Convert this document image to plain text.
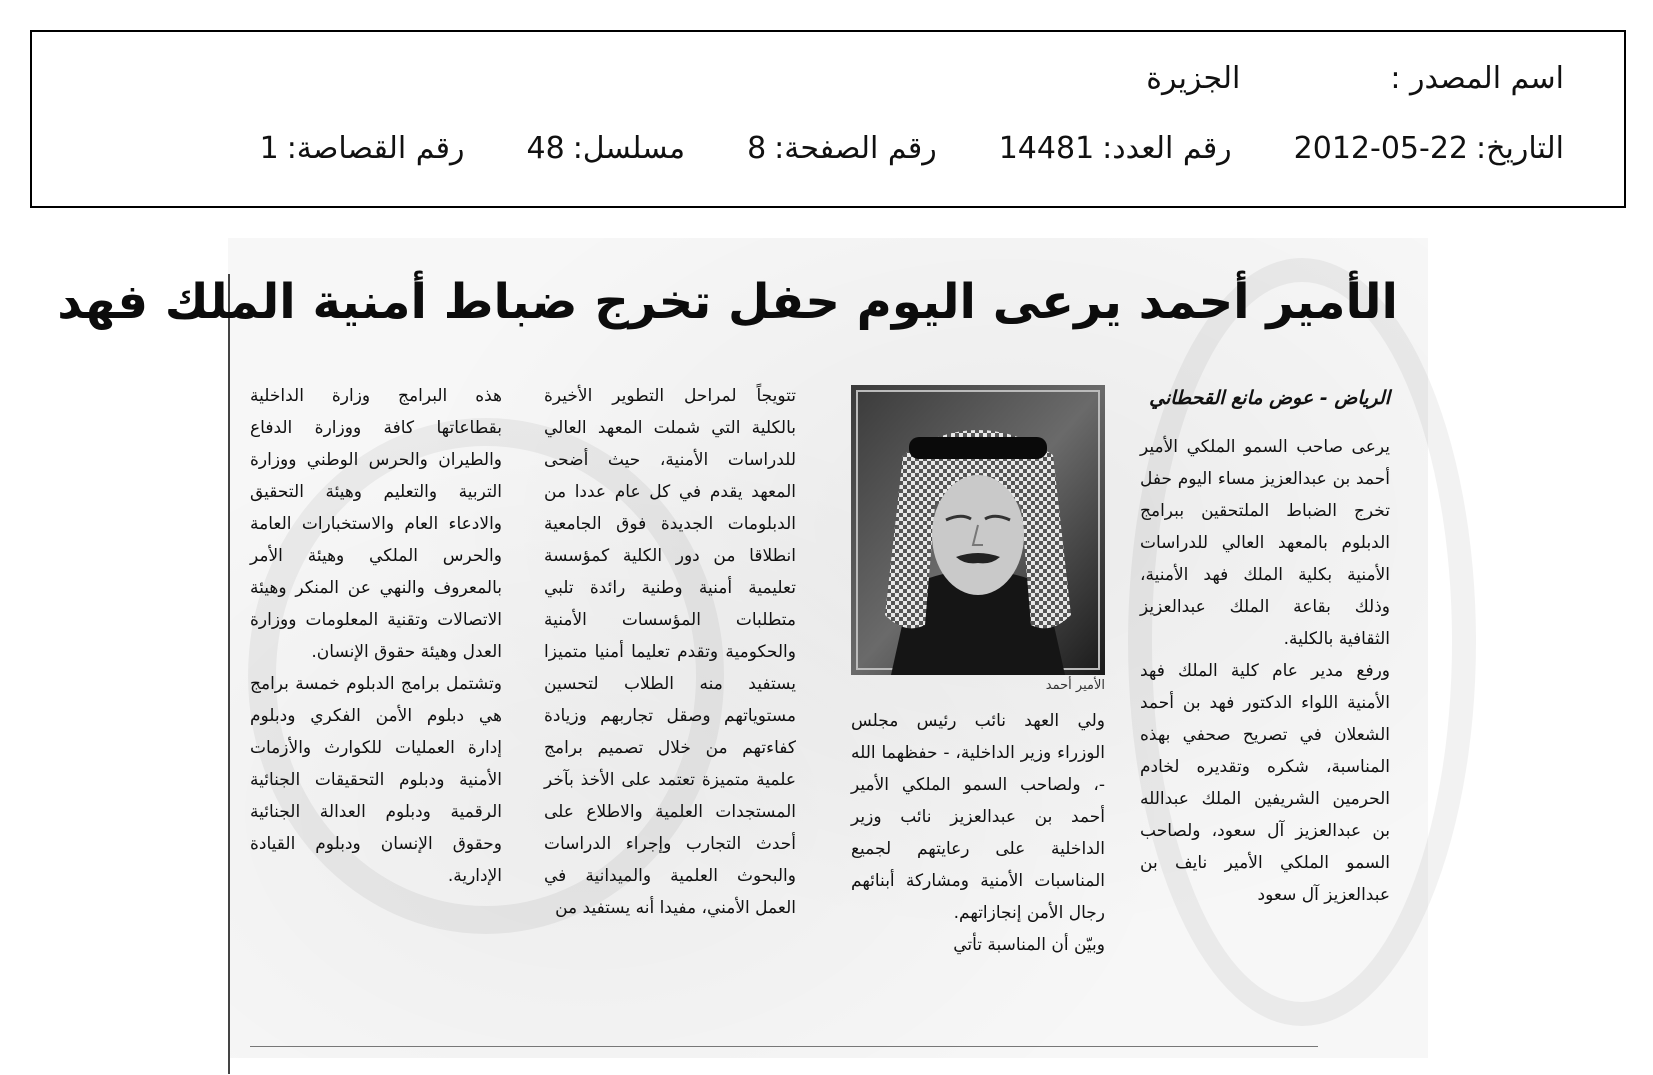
اسم المصدر :
الجزيرة
التاريخ:
2012-05-22
رقم العدد:
14481
رقم الصفحة:
8
مسلسل:
48
رقم القصاصة:
1
الأمير أحمد يرعى اليوم حفل تخرج ضباط أمنية الملك فهد

الرياض - عوض مانع القحطاني

يرعى صاحب السمو الملكي الأمير أحمد بن عبدالعزيز مساء اليوم حفل تخرج الضباط الملتحقين ببرامج الدبلوم بالمعهد العالي للدراسات الأمنية بكلية الملك فهد الأمنية، وذلك بقاعة الملك عبدالعزيز الثقافية بالكلية.

ورفع مدير عام كلية الملك فهد الأمنية اللواء الدكتور فهد بن أحمد الشعلان في تصريح صحفي بهذه المناسبة، شكره وتقديره لخادم الحرمين الشريفين الملك عبدالله بن عبدالعزيز آل سعود، ولصاحب السمو الملكي الأمير نايف بن عبدالعزيز آل سعود

الأمير أحمد

ولي العهد نائب رئيس مجلس الوزراء وزير الداخلية، - حفظهما الله -، ولصاحب السمو الملكي الأمير أحمد بن عبدالعزيز نائب وزير الداخلية على رعايتهم لجميع المناسبات الأمنية ومشاركة أبنائهم رجال الأمن إنجازاتهم.

وبيّن أن المناسبة تأتي

تتويجاً لمراحل التطوير الأخيرة بالكلية التي شملت المعهد العالي للدراسات الأمنية، حيث أضحى المعهد يقدم في كل عام عددا من الدبلومات الجديدة فوق الجامعية انطلاقا من دور الكلية كمؤسسة تعليمية أمنية وطنية رائدة تلبي متطلبات المؤسسات الأمنية والحكومية وتقدم تعليما أمنيا متميزا يستفيد منه الطلاب لتحسين مستوياتهم وصقل تجاربهم وزيادة كفاءتهم من خلال تصميم برامج علمية متميزة تعتمد على الأخذ بآخر المستجدات العلمية والاطلاع على أحدث التجارب وإجراء الدراسات والبحوث العلمية والميدانية في العمل الأمني، مفيدا أنه يستفيد من

هذه البرامج وزارة الداخلية بقطاعاتها كافة ووزارة الدفاع والطيران والحرس الوطني ووزارة التربية والتعليم وهيئة التحقيق والادعاء العام والاستخبارات العامة والحرس الملكي وهيئة الأمر بالمعروف والنهي عن المنكر وهيئة الاتصالات وتقنية المعلومات ووزارة العدل وهيئة حقوق الإنسان.

وتشتمل برامج الدبلوم خمسة برامج هي دبلوم الأمن الفكري ودبلوم إدارة العمليات للكوارث والأزمات الأمنية ودبلوم التحقيقات الجنائية الرقمية ودبلوم العدالة الجنائية وحقوق الإنسان ودبلوم القيادة الإدارية.
